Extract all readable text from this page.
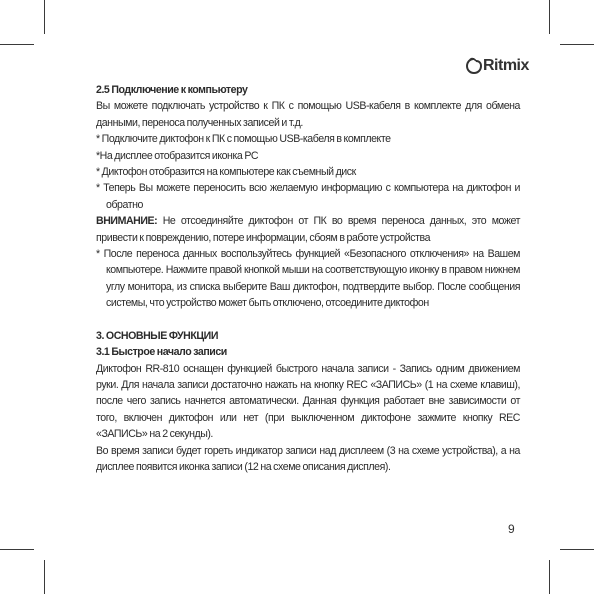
Ritmix

2.5 Подключение к компьютеру

Вы можете подключать устройство к ПК с помощью USB-кабеля в комплекте для обмена данными, переноса полученных записей и т.д.

* Подключите диктофон к ПК с помощью USB-кабеля в комплекте

*На дисплее отобразится иконка PC

* Диктофон отобразится на компьютере как съемный диск

* Теперь Вы можете переносить всю желаемую информацию с компьютера на диктофон и обратно

ВНИМАНИЕ: Не отсоединяйте диктофон от ПК во время переноса данных, это может привести к повреждению, потере информации, сбоям в работе устройства

* После переноса данных воспользуйтесь функцией «Безопасного отключения» на Вашем компьютере. Нажмите правой кнопкой мыши на соответствующую иконку в правом нижнем углу монитора, из списка выберите Ваш диктофон, подтвердите выбор. После сообщения системы, что устройство может быть отключено, отсоедините диктофон

3. ОСНОВНЫЕ ФУНКЦИИ

3.1 Быстрое начало записи

Диктофон RR-810 оснащен функцией быстрого начала записи - Запись одним движением руки. Для начала записи достаточно нажать на кнопку REC «ЗАПИСЬ» (1 на схеме клавиш), после чего запись начнется автоматически. Данная функция работает вне зависимости от того, включен диктофон или нет (при выключенном диктофоне зажмите кнопку REC «ЗАПИСЬ» на 2 секунды).

Во время записи будет гореть индикатор записи над дисплеем (3 на схеме устройства), а на дисплее появится иконка записи (12 на схеме описания дисплея).

9
